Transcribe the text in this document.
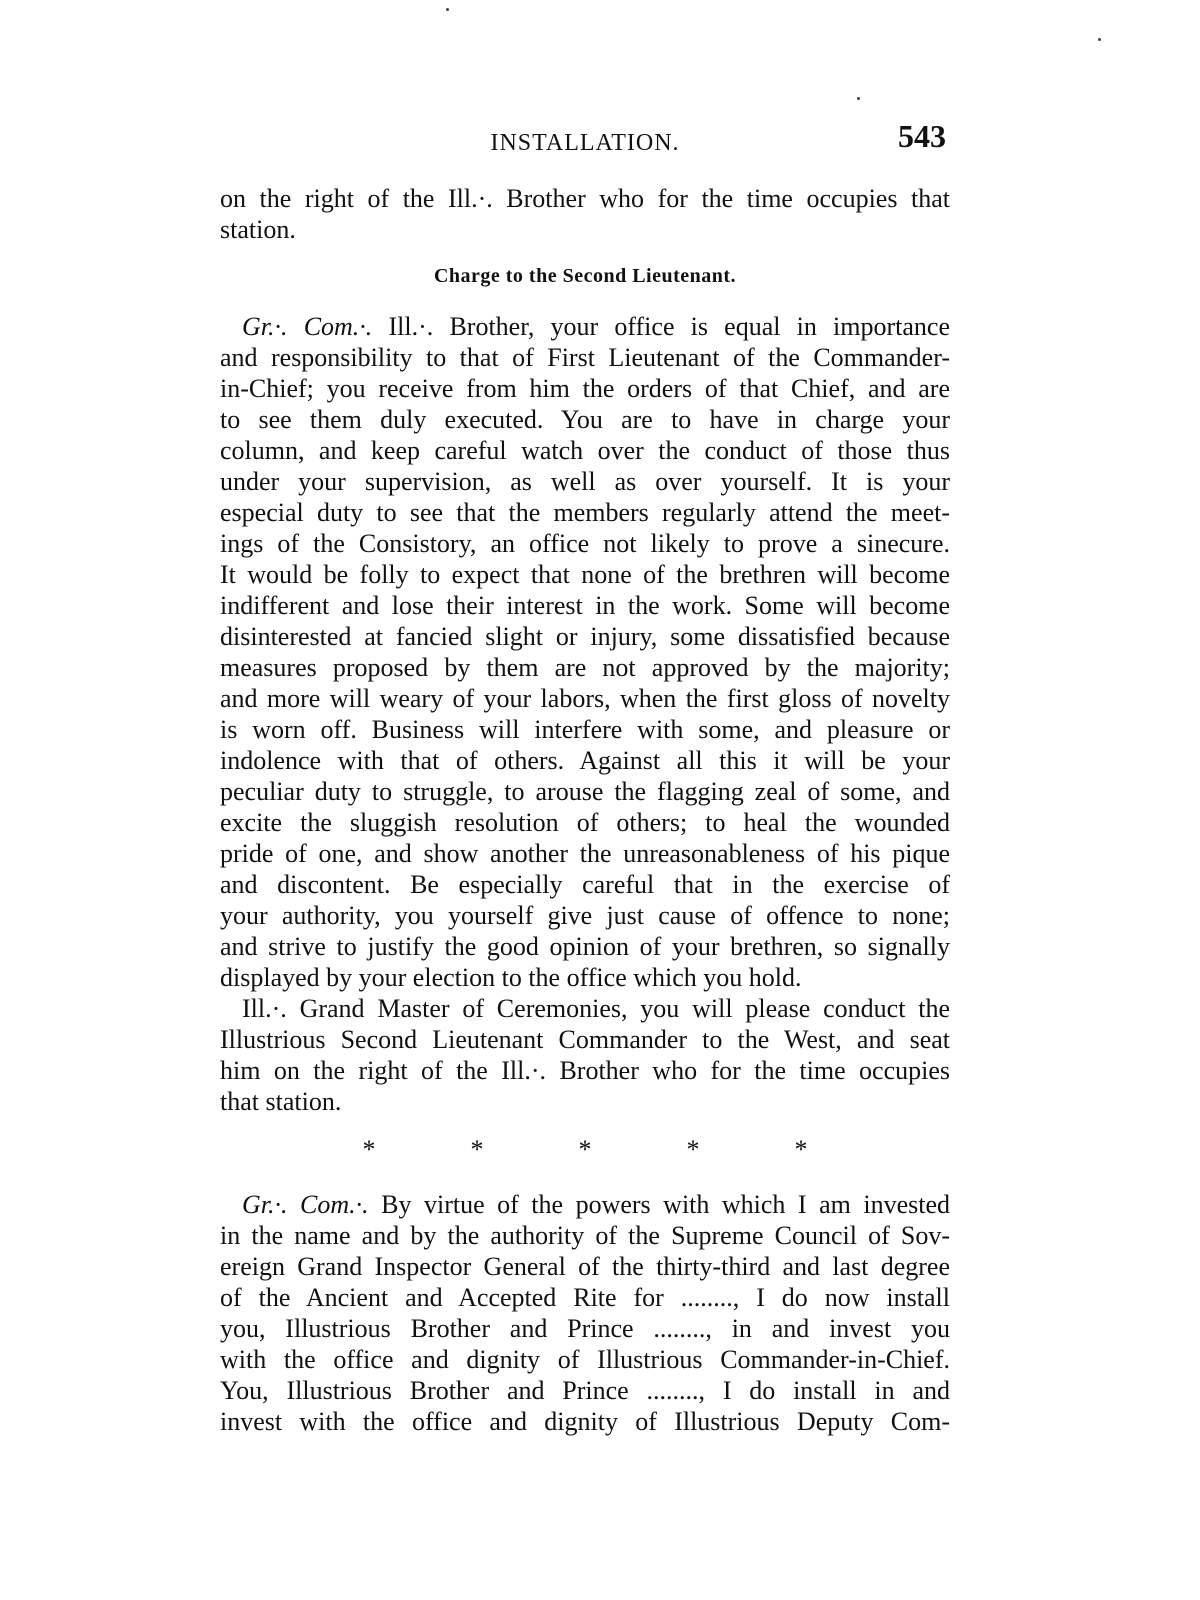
INSTALLATION.	543
on the right of the Ill.·. Brother who for the time occupies that
station.
Charge to the Second Lieutenant.
Gr.·. Com.·. Ill.·. Brother, your office is equal in importance
and responsibility to that of First Lieutenant of the Commander-
in-Chief; you receive from him the orders of that Chief, and are
to see them duly executed. You are to have in charge your
column, and keep careful watch over the conduct of those thus
under your supervision, as well as over yourself. It is your
especial duty to see that the members regularly attend the meet-
ings of the Consistory, an office not likely to prove a sinecure.
It would be folly to expect that none of the brethren will become
indifferent and lose their interest in the work. Some will become
disinterested at fancied slight or injury, some dissatisfied because
measures proposed by them are not approved by the majority;
and more will weary of your labors, when the first gloss of novelty
is worn off. Business will interfere with some, and pleasure or
indolence with that of others. Against all this it will be your
peculiar duty to struggle, to arouse the flagging zeal of some, and
excite the sluggish resolution of others; to heal the wounded
pride of one, and show another the unreasonableness of his pique
and discontent. Be especially careful that in the exercise of
your authority, you yourself give just cause of offence to none;
and strive to justify the good opinion of your brethren, so signally
displayed by your election to the office which you hold.
Ill.·. Grand Master of Ceremonies, you will please conduct the
Illustrious Second Lieutenant Commander to the West, and seat
him on the right of the Ill.·. Brother who for the time occupies
that station.
*	*	*	*	*
Gr.·. Com.·. By virtue of the powers with which I am invested
in the name and by the authority of the Supreme Council of Sov-
ereign Grand Inspector General of the thirty-third and last degree
of the Ancient and Accepted Rite for ........, I do now install
you, Illustrious Brother and Prince ........, in and invest you
with the office and dignity of Illustrious Commander-in-Chief.
You, Illustrious Brother and Prince ........, I do install in and
invest with the office and dignity of Illustrious Deputy Com-
